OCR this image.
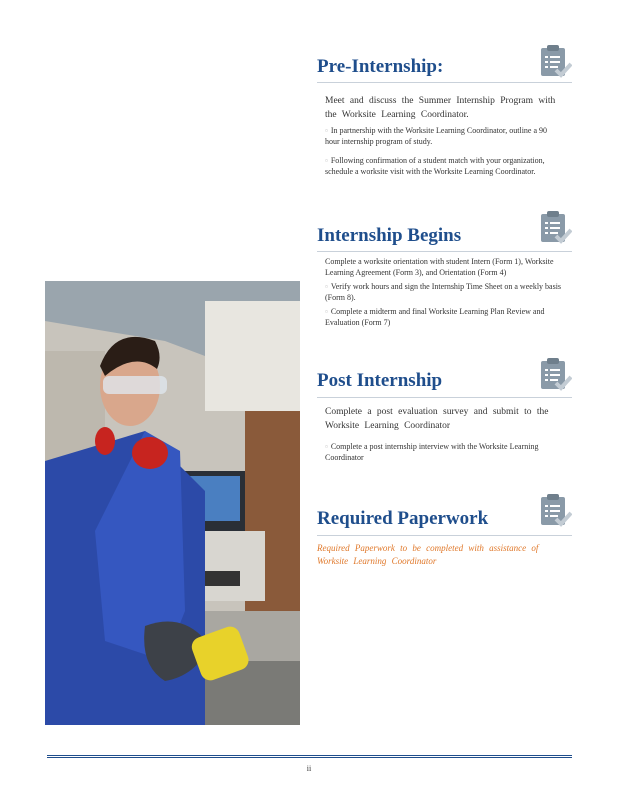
Pre-Internship:

Meet and discuss the Summer Internship Program with the Worksite Learning Coordinator.

▫ In partnership with the Worksite Learning Coordinator, outline a 90 hour internship program of study.

▫ Following confirmation of a student match with your organization, schedule a worksite visit with the Worksite Learning Coordinator.

Internship Begins

Complete a worksite orientation with student Intern (Form 1), Worksite Learning Agreement (Form 3), and Orientation (Form 4)

▫ Verify work hours and sign the Internship Time Sheet on a weekly basis (Form 8).

▫ Complete a midterm and final Worksite Learning Plan Review and Evaluation (Form 7)

Post Internship

Complete a post evaluation survey and submit to the Worksite Learning Coordinator

▫ Complete a post internship interview with the Worksite Learning Coordinator

Required Paperwork
Required Paperwork to be completed with assistance of Worksite Learning Coordinator
ii
